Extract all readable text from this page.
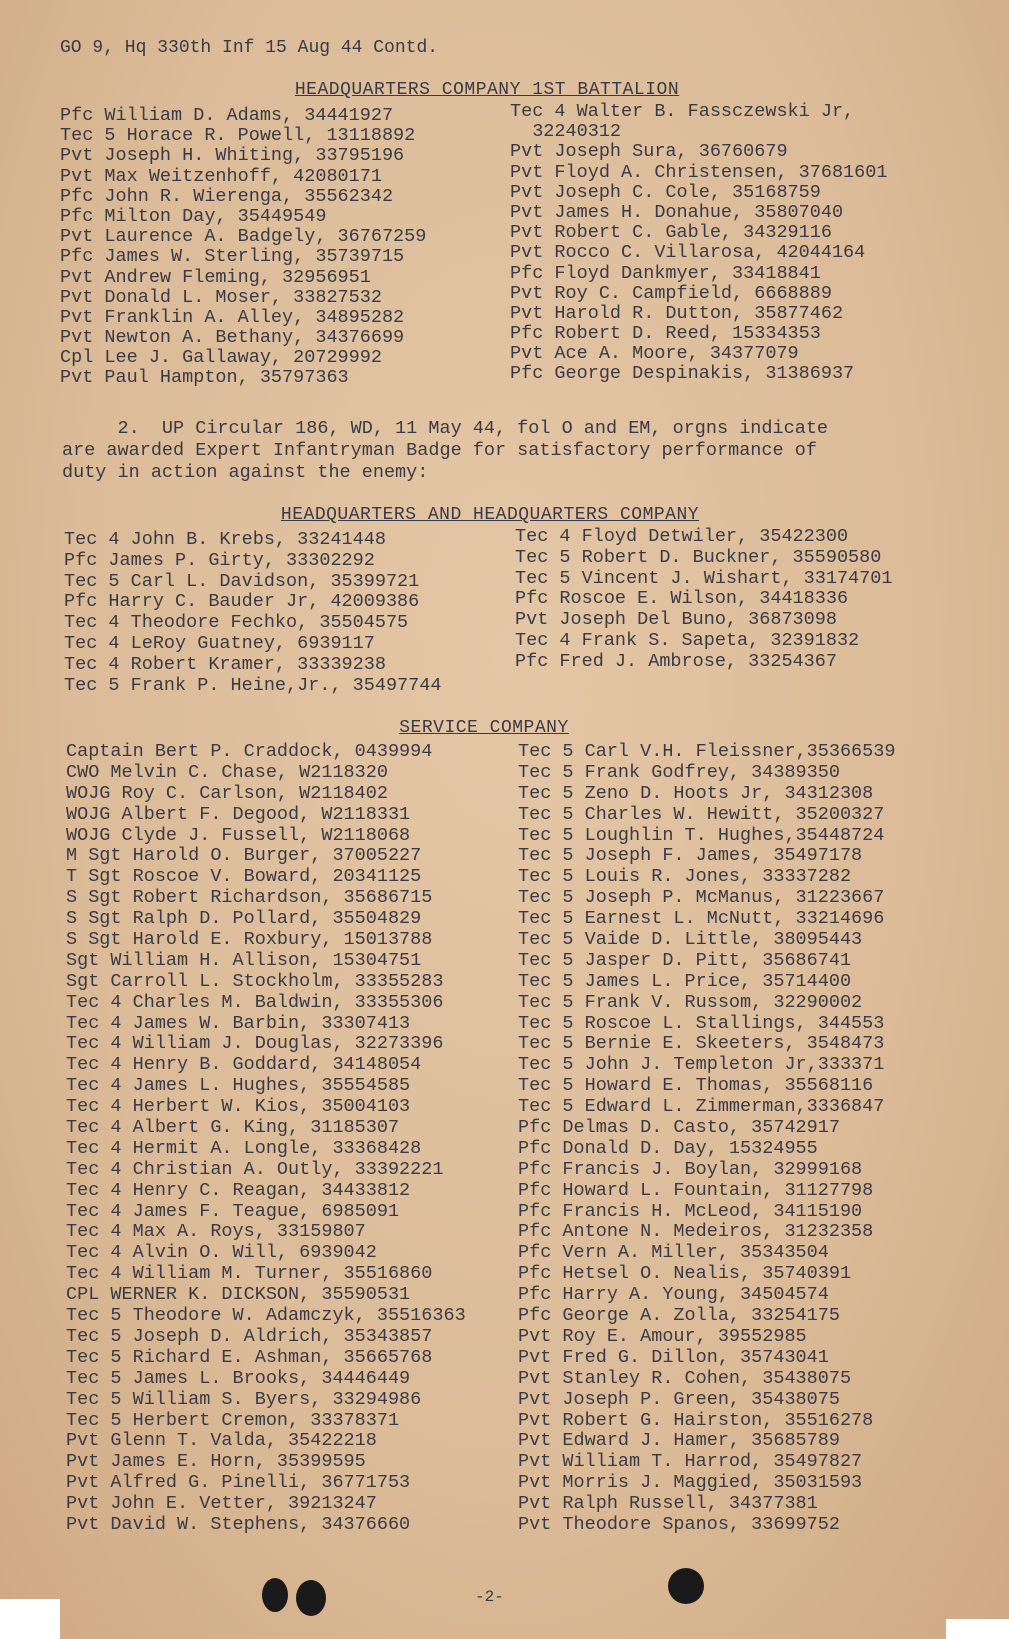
GO 9, Hq 330th Inf 15 Aug 44 Contd.
HEADQUARTERS COMPANY 1ST BATTALION
Pfc William D. Adams, 34441927
Tec 5 Horace R. Powell, 13118892
Pvt Joseph H. Whiting, 33795196
Pvt Max Weitzenhoff, 42080171
Pfc John R. Wierenga, 35562342
Pfc Milton Day, 35449549
Pvt Laurence A. Badgely, 36767259
Pfc James W. Sterling, 35739715
Pvt Andrew Fleming, 32956951
Pvt Donald L. Moser, 33827532
Pvt Franklin A. Alley, 34895282
Pvt Newton A. Bethany, 34376699
Cpl Lee J. Gallaway, 20729992
Pvt Paul Hampton, 35797363
Tec 4 Walter B. Fassczewski Jr,
32240312
Pvt Joseph Sura, 36760679
Pvt Floyd A. Christensen, 37681601
Pvt Joseph C. Cole, 35168759
Pvt James H. Donahue, 35807040
Pvt Robert C. Gable, 34329116
Pvt Rocco C. Villarosa, 42044164
Pfc Floyd Dankmyer, 33418841
Pvt Roy C. Campfield, 6668889
Pvt Harold R. Dutton, 35877462
Pfc Robert D. Reed, 15334353
Pvt Ace A. Moore, 34377079
Pfc George Despinakis, 31386937

2.  UP Circular 186, WD, 11 May 44, fol O and EM, orgns indicate

are awarded Expert Infantryman Badge for satisfactory performance of

duty in action against the enemy:

HEADQUARTERS AND HEADQUARTERS COMPANY
Tec 4 John B. Krebs, 33241448
Pfc James P. Girty, 33302292
Tec 5 Carl L. Davidson, 35399721
Pfc Harry C. Bauder Jr, 42009386
Tec 4 Theodore Fechko, 35504575
Tec 4 LeRoy Guatney, 6939117
Tec 4 Robert Kramer, 33339238
Tec 5 Frank P. Heine,Jr., 35497744
Tec 4 Floyd Detwiler, 35422300
Tec 5 Robert D. Buckner, 35590580
Tec 5 Vincent J. Wishart, 33174701
Pfc Roscoe E. Wilson, 34418336
Pvt Joseph Del Buno, 36873098
Tec 4 Frank S. Sapeta, 32391832
Pfc Fred J. Ambrose, 33254367
SERVICE COMPANY
Captain Bert P. Craddock, 0439994
CWO Melvin C. Chase, W2118320
WOJG Roy C. Carlson, W2118402
WOJG Albert F. Degood, W2118331
WOJG Clyde J. Fussell, W2118068
M Sgt Harold O. Burger, 37005227
T Sgt Roscoe V. Boward, 20341125
S Sgt Robert Richardson, 35686715
S Sgt Ralph D. Pollard, 35504829
S Sgt Harold E. Roxbury, 15013788
Sgt William H. Allison, 15304751
Sgt Carroll L. Stockholm, 33355283
Tec 4 Charles M. Baldwin, 33355306
Tec 4 James W. Barbin, 33307413
Tec 4 William J. Douglas, 32273396
Tec 4 Henry B. Goddard, 34148054
Tec 4 James L. Hughes, 35554585
Tec 4 Herbert W. Kios, 35004103
Tec 4 Albert G. King, 31185307
Tec 4 Hermit A. Longle, 33368428
Tec 4 Christian A. Outly, 33392221
Tec 4 Henry C. Reagan, 34433812
Tec 4 James F. Teague, 6985091
Tec 4 Max A. Roys, 33159807
Tec 4 Alvin O. Will, 6939042
Tec 4 William M. Turner, 35516860
CPL WERNER K. DICKSON, 35590531
Tec 5 Theodore W. Adamczyk, 35516363
Tec 5 Joseph D. Aldrich, 35343857
Tec 5 Richard E. Ashman, 35665768
Tec 5 James L. Brooks, 34446449
Tec 5 William S. Byers, 33294986
Tec 5 Herbert Cremon, 33378371
Pvt Glenn T. Valda, 35422218
Pvt James E. Horn, 35399595
Pvt Alfred G. Pinelli, 36771753
Pvt John E. Vetter, 39213247
Pvt David W. Stephens, 34376660
Tec 5 Carl V.H. Fleissner,35366539
Tec 5 Frank Godfrey, 34389350
Tec 5 Zeno D. Hoots Jr, 34312308
Tec 5 Charles W. Hewitt, 35200327
Tec 5 Loughlin T. Hughes,35448724
Tec 5 Joseph F. James, 35497178
Tec 5 Louis R. Jones, 33337282
Tec 5 Joseph P. McManus, 31223667
Tec 5 Earnest L. McNutt, 33214696
Tec 5 Vaide D. Little, 38095443
Tec 5 Jasper D. Pitt, 35686741
Tec 5 James L. Price, 35714400
Tec 5 Frank V. Russom, 32290002
Tec 5 Roscoe L. Stallings, 344553
Tec 5 Bernie E. Skeeters, 3548473
Tec 5 John J. Templeton Jr,333371
Tec 5 Howard E. Thomas, 35568116
Tec 5 Edward L. Zimmerman,3336847
Pfc Delmas D. Casto, 35742917
Pfc Donald D. Day, 15324955
Pfc Francis J. Boylan, 32999168
Pfc Howard L. Fountain, 31127798
Pfc Francis H. McLeod, 34115190
Pfc Antone N. Medeiros, 31232358
Pfc Vern A. Miller, 35343504
Pfc Hetsel O. Nealis, 35740391
Pfc Harry A. Young, 34504574
Pfc George A. Zolla, 33254175
Pvt Roy E. Amour, 39552985
Pvt Fred G. Dillon, 35743041
Pvt Stanley R. Cohen, 35438075
Pvt Joseph P. Green, 35438075
Pvt Robert G. Hairston, 35516278
Pvt Edward J. Hamer, 35685789
Pvt William T. Harrod, 35497827
Pvt Morris J. Maggied, 35031593
Pvt Ralph Russell, 34377381
Pvt Theodore Spanos, 33699752
-2-
